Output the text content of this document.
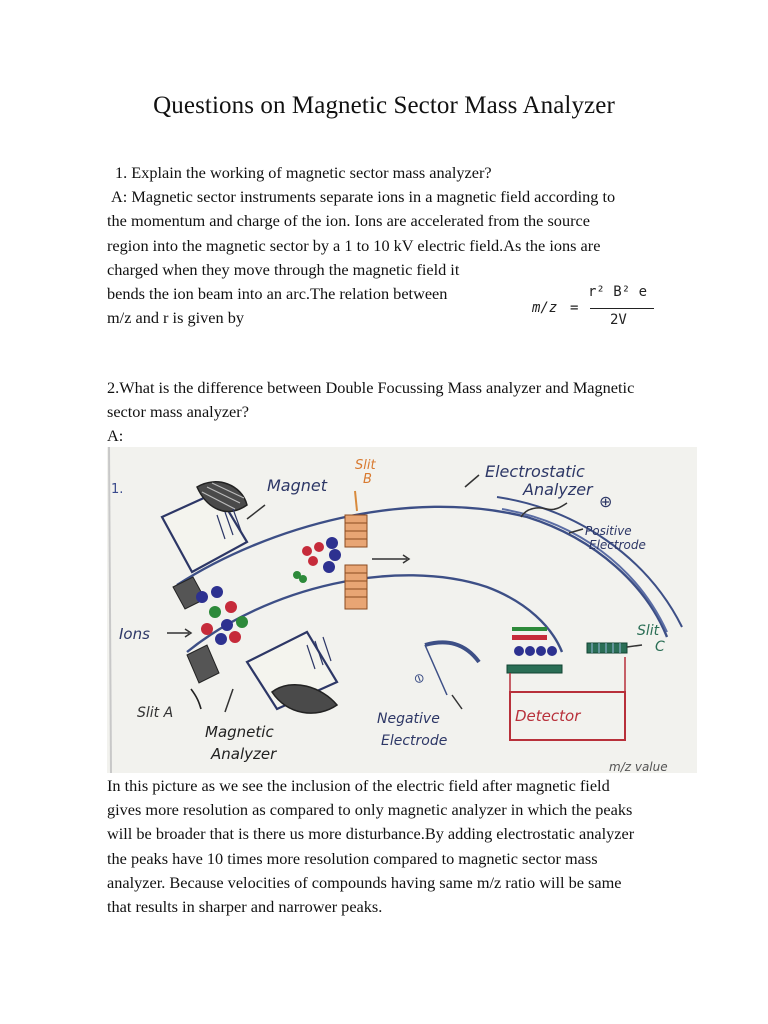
Questions on Magnetic Sector Mass Analyzer
1. Explain the working of magnetic sector mass analyzer?
A: Magnetic sector instruments separate ions in a magnetic field according to
the momentum and charge of the ion. Ions are accelerated from the source
region into the magnetic sector by a 1 to 10 kV electric field.As the ions are
charged when they move through the magnetic field it
bends the ion beam into an arc.The relation between
m/z and r is given by
m/z =
r² B² e
2V
2.What is the difference between Double Focussing Mass analyzer and Magnetic
sector mass analyzer?
A:
1.	Magnet
Slit
B	Electrostatic
Analyzer
⊕
Positive
Electrode
Ions	Slit
C
⊖
Slit A
Magnetic
Analyzer
Negative
Electrode
Detector
m/z value
In this picture as we see the inclusion of the electric field after magnetic field
gives more resolution as compared to only magnetic analyzer in which the peaks
will be broader that is there us more disturbance.By adding electrostatic analyzer
the peaks have 10 times more resolution compared to magnetic sector mass
analyzer. Because velocities of compounds having same m/z ratio will be same
that results in sharper and narrower peaks.
